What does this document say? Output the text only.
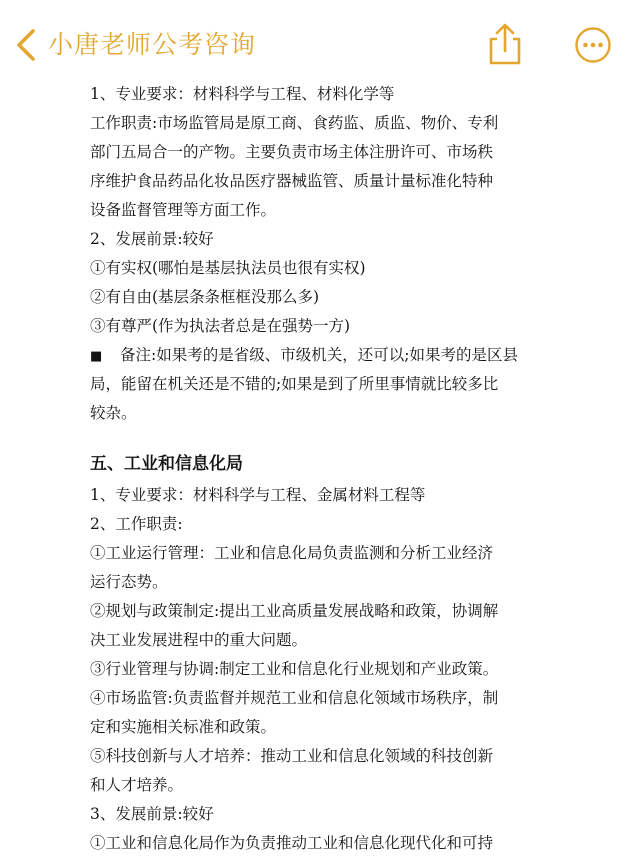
小唐老师公考咨询
1、专业要求：材料科学与工程、材料化学等
工作职责:市场监管局是原工商、食药监、质监、物价、专利
部门五局合一的产物。主要负责市场主体注册许可、市场秩
序维护食品药品化妆品医疗器械监管、质量计量标准化特种
设备监督管理等方面工作。
2、发展前景:较好
①有实权(哪怕是基层执法员也很有实权)
②有自由(基层条条框框没那么多)
③有尊严(作为执法者总是在强势一方)
■ 备注:如果考的是省级、市级机关，还可以;如果考的是区县
局，能留在机关还是不错的;如果是到了所里事情就比较多比
较杂。
五、工业和信息化局
1、专业要求：材料科学与工程、金属材料工程等
2、工作职责:
①工业运行管理：工业和信息化局负责监测和分析工业经济
运行态势。
②规划与政策制定:提出工业高质量发展战略和政策，协调解
决工业发展进程中的重大问题。
③行业管理与协调:制定工业和信息化行业规划和产业政策。
④市场监管:负责监督并规范工业和信息化领域市场秩序，制
定和实施相关标准和政策。
⑤科技创新与人才培养：推动工业和信息化领域的科技创新
和人才培养。
3、发展前景:较好
①工业和信息化局作为负责推动工业和信息化现代化和可持
